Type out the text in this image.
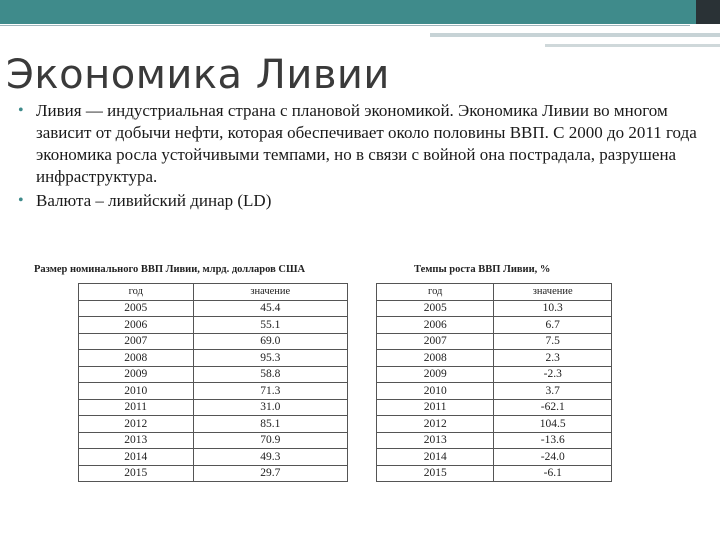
Экономика Ливии
• Ливия — индустриальная страна с плановой экономикой. Экономика Ливии во многом зависит от добычи нефти, которая обеспечивает около половины ВВП. С 2000 до 2011 года экономика росла устойчивыми темпами, но в связи с войной она пострадала, разрушена инфраструктура.
• Валюта – ливийский динар (LD)
Размер номинального ВВП Ливии, млрд. долларов США
год	значение
2005	45.4
2006	55.1
2007	69.0
2008	95.3
2009	58.8
2010	71.3
2011	31.0
2012	85.1
2013	70.9
2014	49.3
2015	29.7
Темпы роста ВВП Ливии, %
год	значение
2005	10.3
2006	6.7
2007	7.5
2008	2.3
2009	-2.3
2010	3.7
2011	-62.1
2012	104.5
2013	-13.6
2014	-24.0
2015	-6.1
